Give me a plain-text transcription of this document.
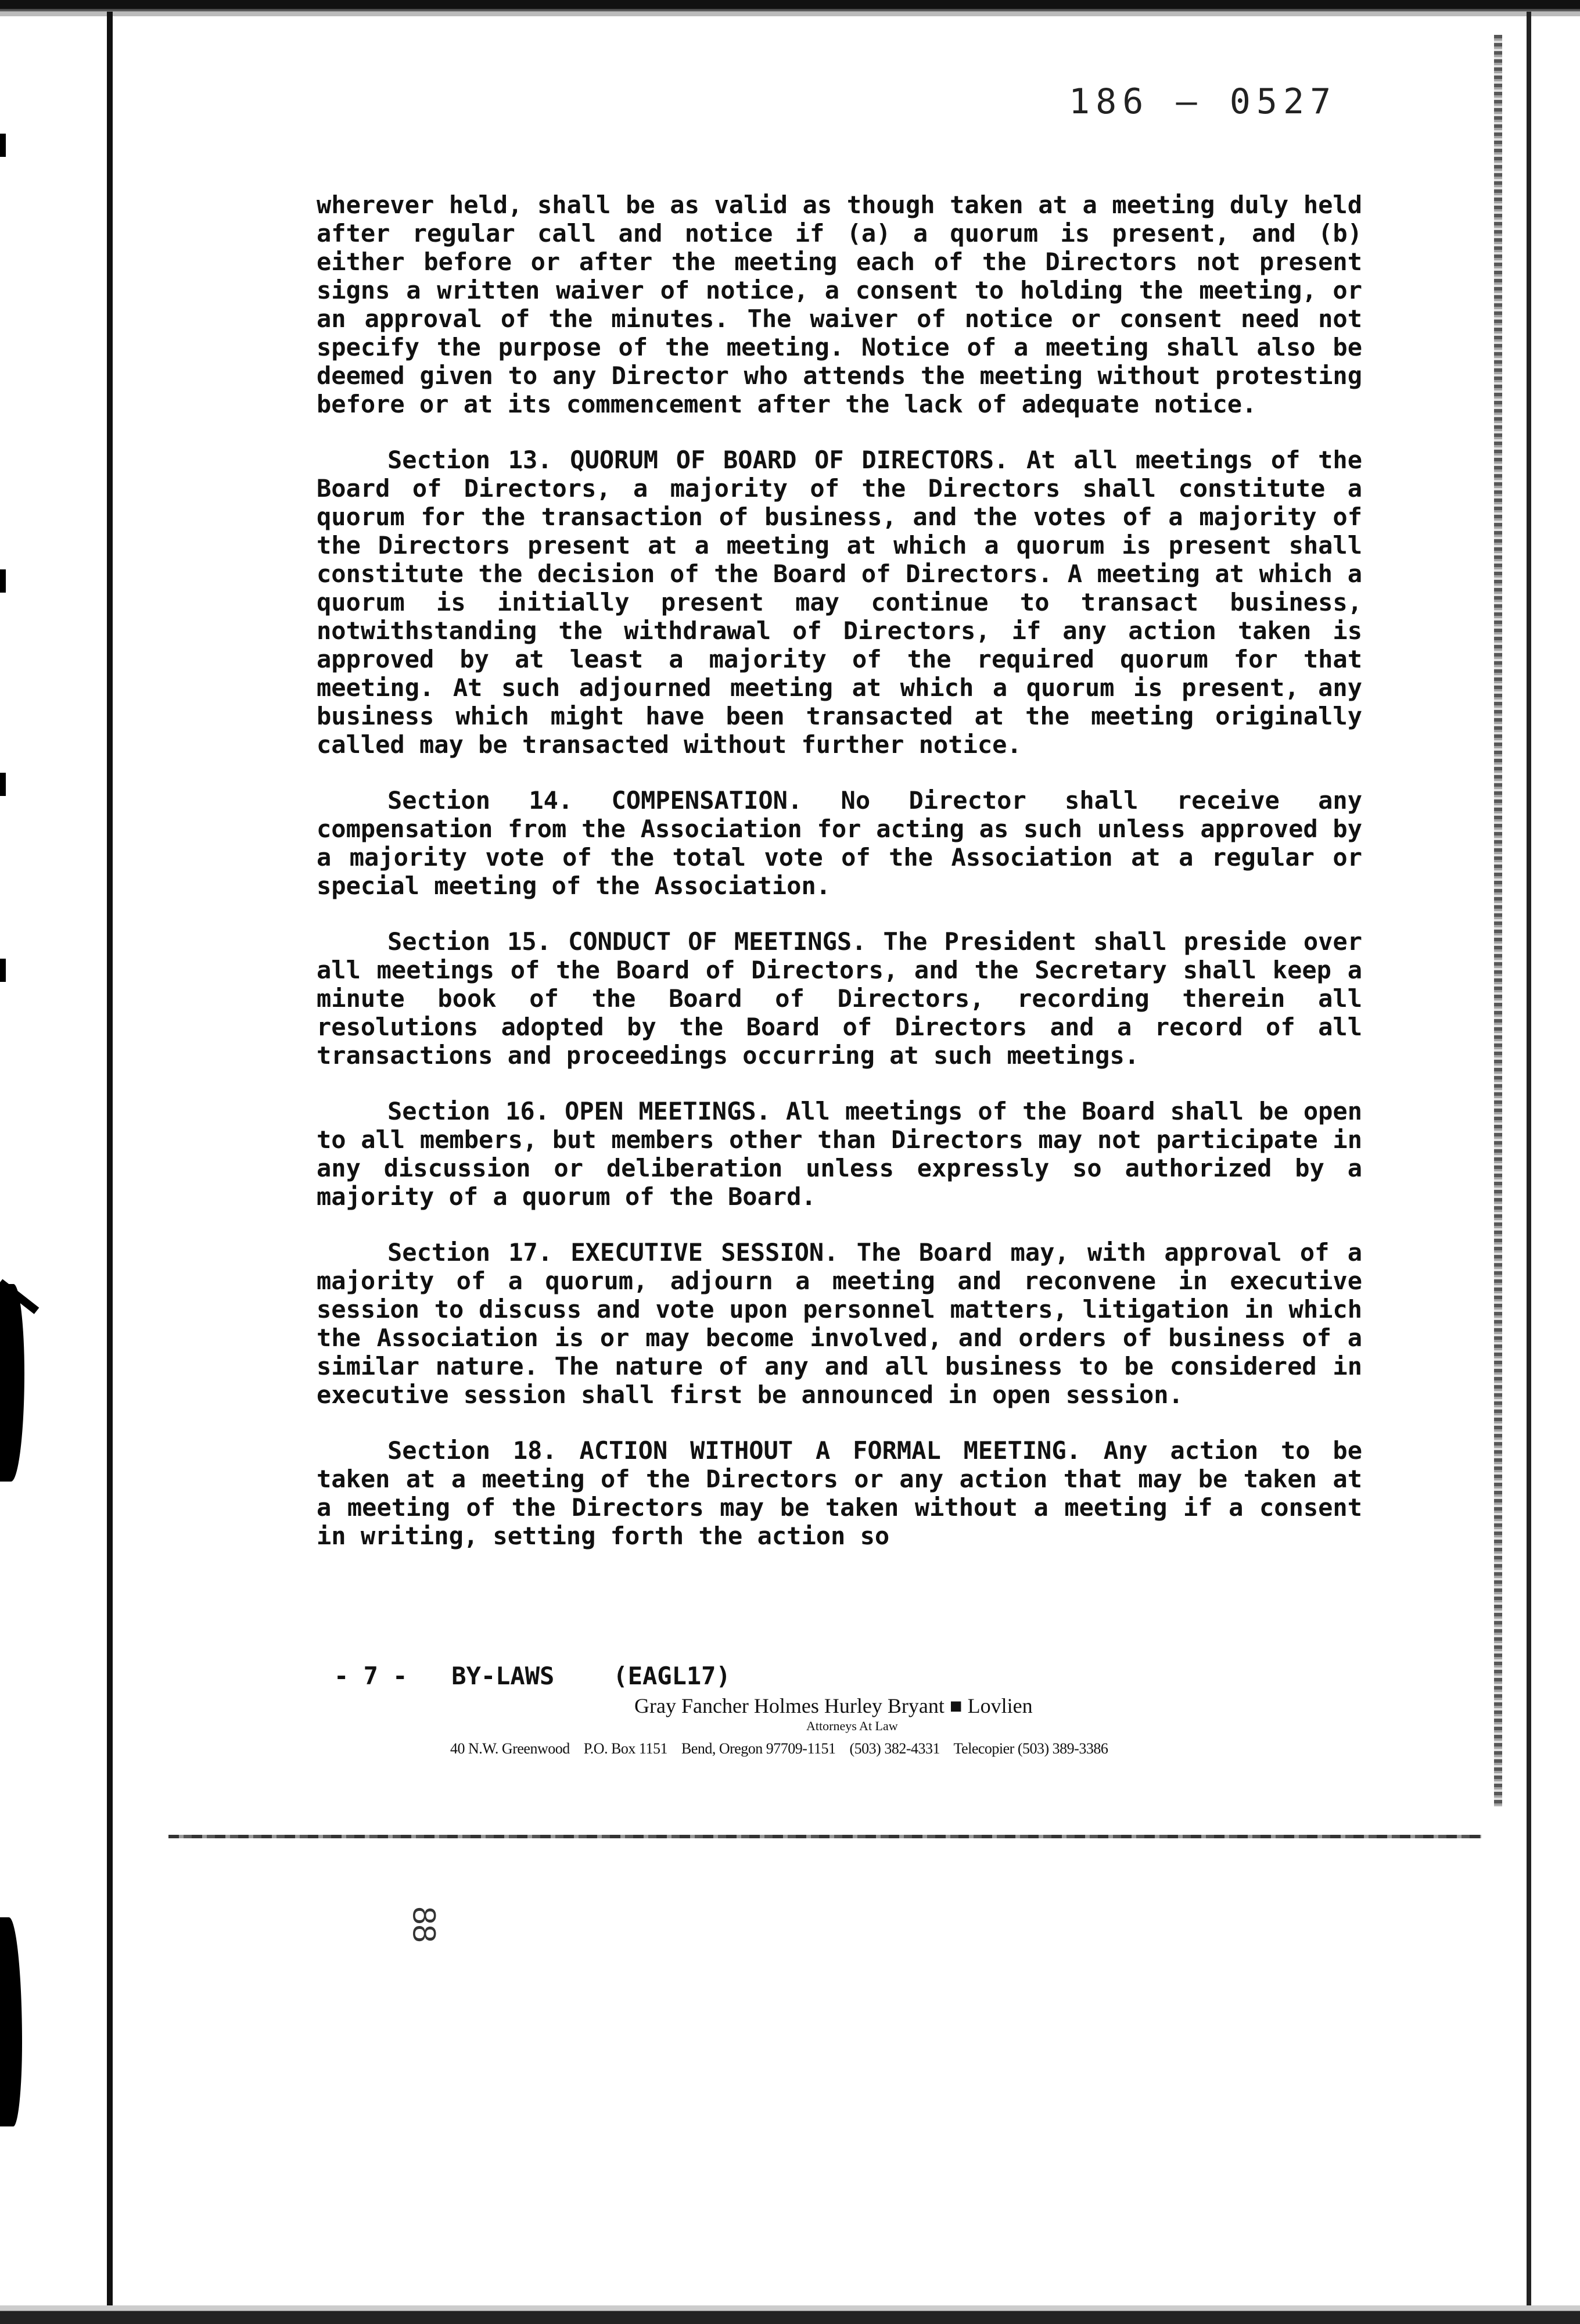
186 — 0527

wherever held, shall be as valid as though taken at a meeting duly held after regular call and notice if (a) a quorum is present, and (b) either before or after the meeting each of the Directors not present signs a written waiver of notice, a consent to holding the meeting, or an approval of the minutes. The waiver of notice or consent need not specify the purpose of the meeting. Notice of a meeting shall also be deemed given to any Director who attends the meeting without protesting before or at its commencement after the lack of adequate notice.

Section 13. QUORUM OF BOARD OF DIRECTORS. At all meetings of the Board of Directors, a majority of the Directors shall constitute a quorum for the transaction of business, and the votes of a majority of the Directors present at a meeting at which a quorum is present shall constitute the decision of the Board of Directors. A meeting at which a quorum is initially present may continue to transact business, notwithstanding the withdrawal of Directors, if any action taken is approved by at least a majority of the required quorum for that meeting. At such adjourned meeting at which a quorum is present, any business which might have been transacted at the meeting originally called may be transacted without further notice.

Section 14. COMPENSATION. No Director shall receive any compensation from the Association for acting as such unless approved by a majority vote of the total vote of the Association at a regular or special meeting of the Association.

Section 15. CONDUCT OF MEETINGS. The President shall preside over all meetings of the Board of Directors, and the Secretary shall keep a minute book of the Board of Directors, recording therein all resolutions adopted by the Board of Directors and a record of all transactions and proceedings occurring at such meetings.

Section 16. OPEN MEETINGS. All meetings of the Board shall be open to all members, but members other than Directors may not participate in any discussion or deliberation unless expressly so authorized by a majority of a quorum of the Board.

Section 17. EXECUTIVE SESSION. The Board may, with approval of a majority of a quorum, adjourn a meeting and reconvene in executive session to discuss and vote upon personnel matters, litigation in which the Association is or may become involved, and orders of business of a similar nature. The nature of any and all business to be considered in executive session shall first be announced in open session.

Section 18. ACTION WITHOUT A FORMAL MEETING. Any action to be taken at a meeting of the Directors or any action that may be taken at a meeting of the Directors may be taken without a meeting if a consent in writing, setting forth the action so

- 7 -   BY-LAWS    (EAGL17)
Gray Fancher Holmes Hurley Bryant ■ Lovlien
Attorneys At Law
40 N.W. Greenwood    P.O. Box 1151    Bend, Oregon 97709-1151    (503) 382-4331    Telecopier (503) 389-3386
88
